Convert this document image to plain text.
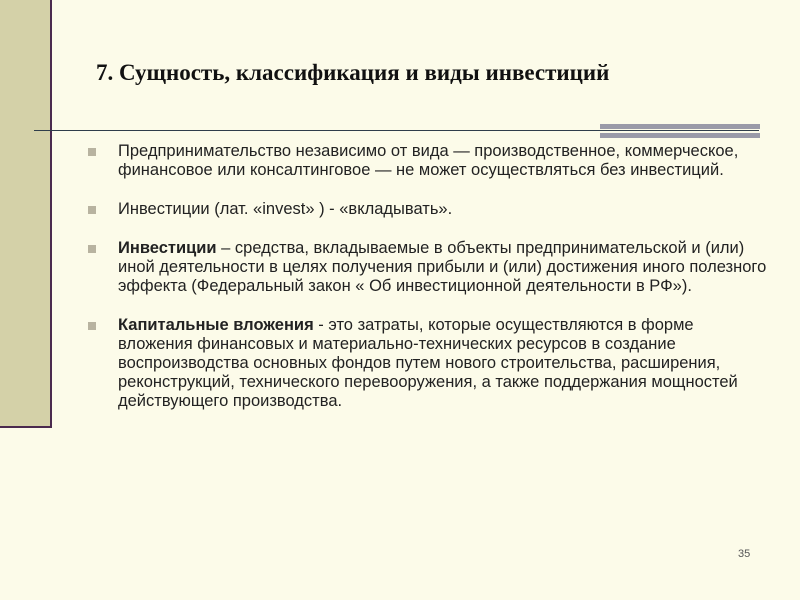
7. Сущность, классификация и виды инвестиций
Предпринимательство независимо от вида — производственное, коммерческое, финансовое или консалтинговое — не может осуществляться без инвестиций.
Инвестиции (лат. «invest» ) - «вкладывать».
Инвестиции – средства, вкладываемые в объекты предпринимательской и (или) иной деятельности в целях получения прибыли и (или) достижения иного полезного эффекта (Федеральный закон « Об инвестиционной деятельности в РФ»).
Капитальные вложения - это затраты, которые осуществляются в форме вложения финансовых и материально-технических ресурсов в создание воспроизводства основных фондов путем нового строительства, расширения, реконструкций, технического перевооружения, а также поддержания мощностей действующего производства.
35
